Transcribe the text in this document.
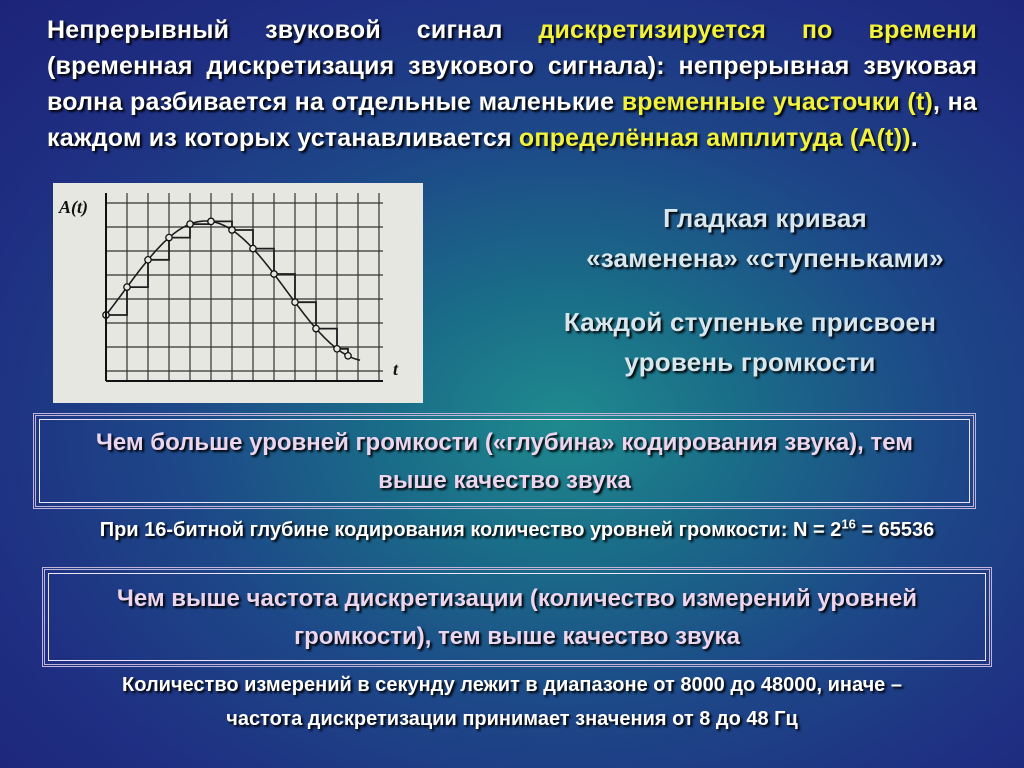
Непрерывный звуковой сигнал дискретизируется по времени (временная дискретизация звукового сигнала): непрерывная звуковая волна разбивается на отдельные маленькие временные участочки (t), на каждом из которых устанавливается определённая амплитуда (А(t)).
A(t)
t
Гладкая кривая
«заменена» «ступеньками»
Каждой ступеньке присвоен
уровень громкости
Чем больше уровней громкости («глубина» кодирования звука), тем
выше качество звука
При 16-битной глубине кодирования количество уровней громкости: $N = 2^{16} = 65536$
Чем выше частота дискретизации (количество измерений уровней
громкости), тем выше качество звука
Количество измерений в секунду лежит в диапазоне от 8000 до 48000, иначе –
частота дискретизации принимает значения от 8 до 48 Гц
